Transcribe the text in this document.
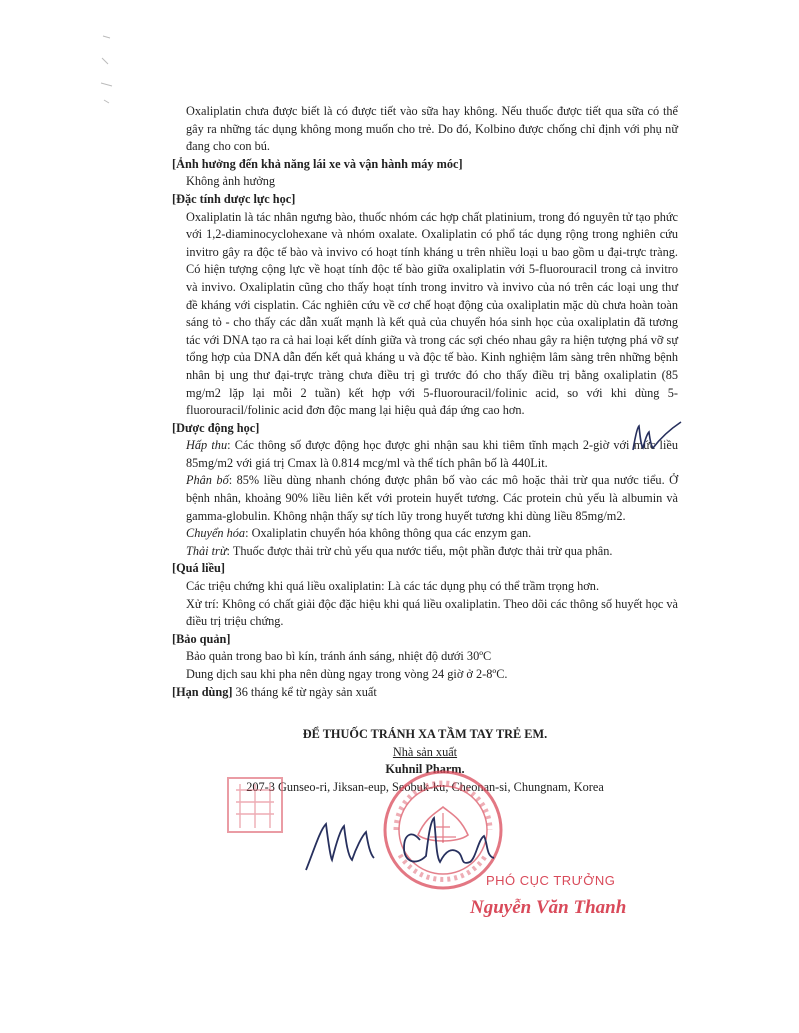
Oxaliplatin chưa được biết là có được tiết vào sữa hay không. Nếu thuốc được tiết qua sữa có thể gây ra những tác dụng không mong muốn cho trẻ. Do đó, Kolbino được chống chỉ định với phụ nữ đang cho con bú.

[Ảnh hưởng đến khả năng lái xe và vận hành máy móc]

Không ảnh hưởng

[Đặc tính dược lực học]

Oxaliplatin là tác nhân ngưng bào, thuốc nhóm các hợp chất platinium, trong đó nguyên tử tạo phức với 1,2-diaminocyclohexane và nhóm oxalate. Oxaliplatin có phổ tác dụng rộng trong nghiên cứu invitro gây ra độc tế bào và invivo có hoạt tính kháng u trên nhiều loại u bao gồm u đại-trực tràng. Có hiện tượng cộng lực về hoạt tính độc tế bào giữa oxaliplatin với 5-fluorouracil trong cả invitro và invivo. Oxaliplatin cũng cho thấy hoạt tính trong invitro và invivo của nó trên các loại ung thư đề kháng với cisplatin. Các nghiên cứu về cơ chế hoạt động của oxaliplatin mặc dù chưa hoàn toàn sáng tỏ - cho thấy các dẫn xuất mạnh là kết quả của chuyển hóa sinh học của oxaliplatin đã tương tác với DNA tạo ra cả hai loại kết dính giữa và trong các sợi chéo nhau gây ra hiện tượng phá vỡ sự tổng hợp của DNA dẫn đến kết quả kháng u và độc tế bào. Kinh nghiệm lâm sàng trên những bệnh nhân bị ung thư đại-trực tràng chưa điều trị gì trước đó cho thấy điều trị bằng oxaliplatin (85 mg/m2 lặp lại mỗi 2 tuần) kết hợp với 5-fluorouracil/folinic acid, so với khi dùng 5-fluorouracil/folinic acid đơn độc mang lại hiệu quả đáp ứng cao hơn.

[Dược động học]

Hấp thu: Các thông số được động học được ghi nhận sau khi tiêm tĩnh mạch 2-giờ với mức liều 85mg/m2 với giá trị Cmax là 0.814 mcg/ml và thể tích phân bố là 440Lit.

Phân bố: 85% liều dùng nhanh chóng được phân bố vào các mô hoặc thải trừ qua nước tiểu. Ở bệnh nhân, khoảng 90% liều liên kết với protein huyết tương. Các protein chủ yếu là albumin và gamma-globulin. Không nhận thấy sự tích lũy trong huyết tương khi dùng liều 85mg/m2.

Chuyển hóa: Oxaliplatin chuyển hóa không thông qua các enzym gan.

Thải trừ: Thuốc được thải trừ chủ yếu qua nước tiểu, một phần được thải trừ qua phân.

[Quá liều]

Các triệu chứng khi quá liều oxaliplatin: Là các tác dụng phụ có thể trầm trọng hơn.

Xử trí: Không có chất giải độc đặc hiệu khi quá liều oxaliplatin. Theo dõi các thông số huyết học và điều trị triệu chứng.

[Bảo quản]

Bảo quản trong bao bì kín, tránh ánh sáng, nhiệt độ dưới 30ºC

Dung dịch sau khi pha nên dùng ngay trong vòng 24 giờ ở 2-8ºC.

[Hạn dùng] 36 tháng kể từ ngày sản xuất

ĐỂ THUỐC TRÁNH XA TẦM TAY TRẺ EM.
Nhà sản xuất
Kuhnil Pharm.
207-3 Gunseo-ri, Jiksan-eup, Seobuk-ku, Cheonan-si, Chungnam, Korea
PHÓ CỤC TRƯỞNG
Nguyễn Văn Thanh
